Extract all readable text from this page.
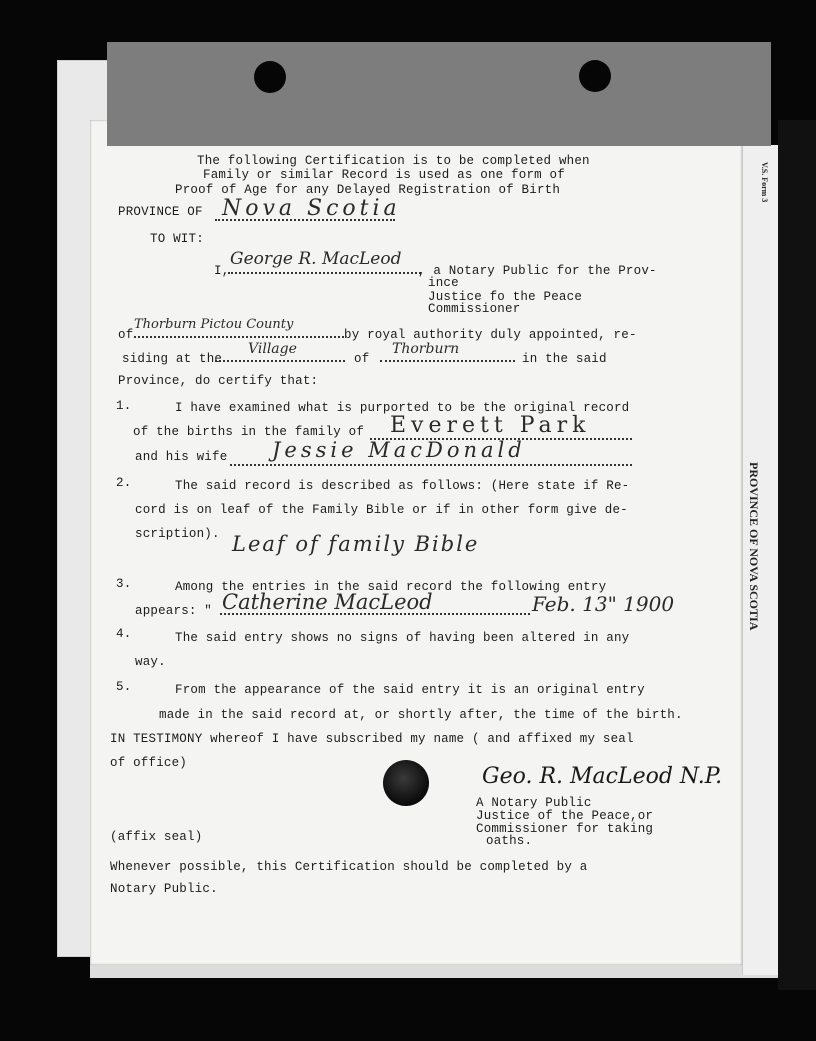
V.S. Form 3
PROVINCE OF NOVA SCOTIA
The following Certification is to be completed when
Family or similar Record is used as one form of
Proof of Age for any Delayed Registration of Birth
PROVINCE OF Nova Scotia
TO WIT:
I,
George R. MacLeod
, a Notary Public for the Prov-
ince
Justice fo the Peace
Commissioner
of
Thorburn Pictou County
by royal authority duly appointed, re-
siding at the
Village
of
Thorburn
in the said
Province, do certify that:
1.	I have examined what is purported to be the original record
of the births in the family of Everett Park
and his wife Jessie MacDonald
2.	The said record is described as follows: (Here state if Re-
cord is on leaf of the Family Bible or if in other form give de-
scription). Leaf of family Bible
3.	Among the entries in the said record the following entry
appears: " Catherine MacLeod	Feb. 13" 1900
4.	The said entry shows no signs of having been altered in any
way.
5.	From the appearance of the said entry it is an original entry
made in the said record at, or shortly after, the time of the birth.
IN TESTIMONY whereof I have subscribed my name ( and affixed my seal
of office)
Geo. R. MacLeod N.P.
A Notary Public
Justice of the Peace,or
Commissioner for taking
oaths.
(affix seal)
Whenever possible, this Certification should be completed by a
Notary Public.
